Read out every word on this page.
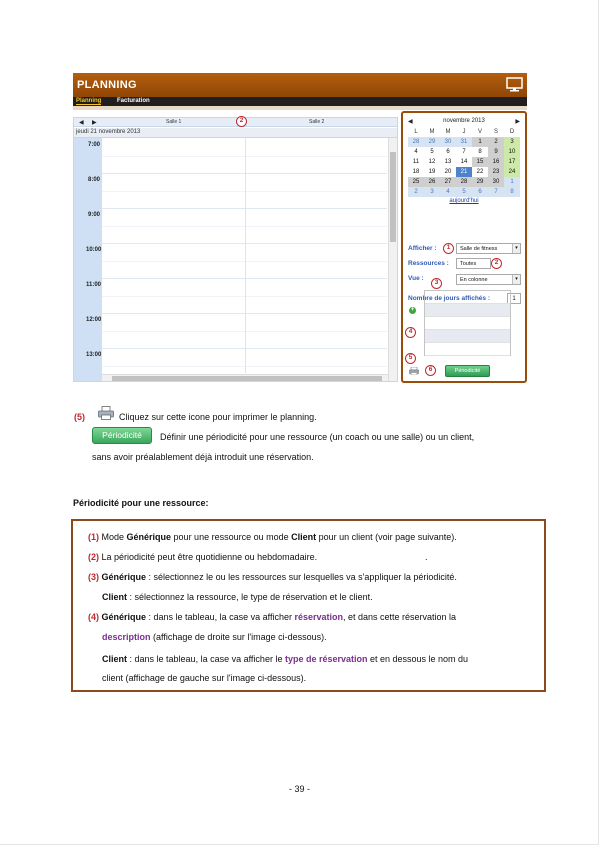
PLANNING
Planning	Facturation
◀ ▶	Salle 1	Salle 2
jeudi 21 novembre 2013
7:00
8:00
9:00
10:00
11:00
12:00
13:00
2	◀	novembre 2013	▶
L	M	M	J	V	S	D
28	29	30	31	1	2	3
4	5	6	7	8	9	10
11	12	13	14	15	16	17
18	19	20	21	22	23	24
25	26	27	28	29	30	1
2	3	4	5	6	7	8
aujourd'hui
Afficher :	Salle de fitness	▾
Ressources :	Toutes
Vue :	En colonne	▾
Nombre de jours affichés :	1
1
2
3
4
+
5
6	Périodicité
(5)	Cliquez sur cette icone pour imprimer le planning.
Périodicité	Définir une périodicité pour une ressource (un coach ou une salle) ou un client,
sans avoir préalablement déjà introduit une réservation.
Périodicité pour une ressource:
(1) Mode Générique pour une ressource ou mode Client pour un client (voir page suivante).
(2) La périodicité peut être quotidienne ou hebdomadaire.	.
(3) Générique : sélectionnez le ou les ressources sur lesquelles va s'appliquer la périodicité.
Client : sélectionnez la ressource, le type de réservation et le client.
(4) Générique : dans le tableau, la case va afficher réservation, et dans cette réservation la
description (affichage de droite sur l'image ci-dessous).
Client : dans le tableau, la case va afficher le type de réservation et en dessous le nom du
client (affichage de gauche sur l'image ci-dessous).
- 39 -
